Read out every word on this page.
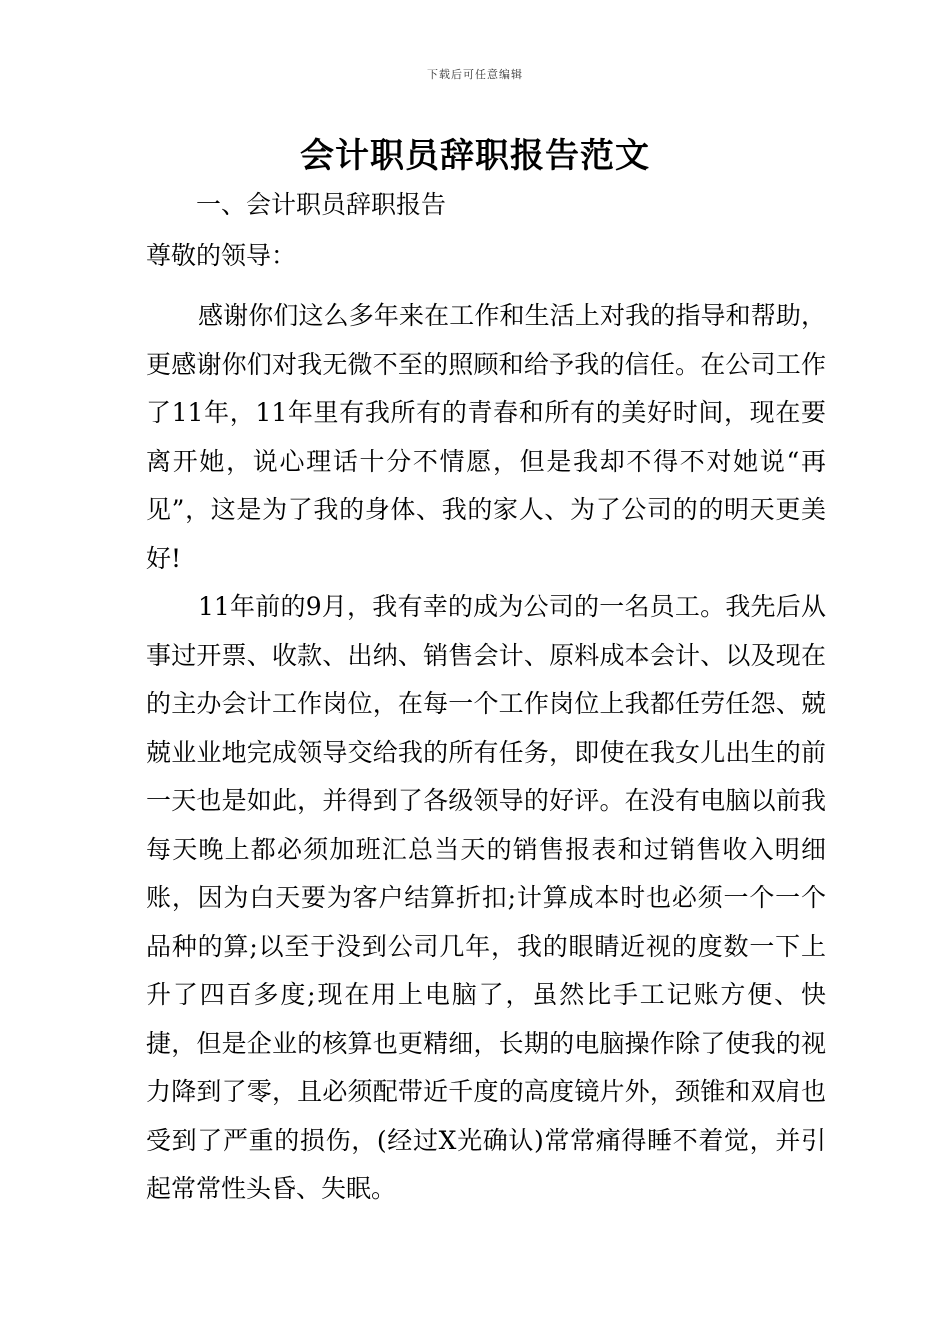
下载后可任意编辑
会计职员辞职报告范文
一、会计职员辞职报告

尊敬的领导：

感谢你们这么多年来在工作和生活上对我的指导和帮助，更感谢你们对我无微不至的照顾和给予我的信任。在公司工作了11年，11年里有我所有的青春和所有的美好时间，现在要离开她，说心理话十分不情愿，但是我却不得不对她说“再见”，这是为了我的身体、我的家人、为了公司的的明天更美好!

11年前的9月，我有幸的成为公司的一名员工。我先后从事过开票、收款、出纳、销售会计、原料成本会计、以及现在的主办会计工作岗位，在每一个工作岗位上我都任劳任怨、兢兢业业地完成领导交给我的所有任务，即使在我女儿出生的前一天也是如此，并得到了各级领导的好评。在没有电脑以前我每天晚上都必须加班汇总当天的销售报表和过销售收入明细账，因为白天要为客户结算折扣;计算成本时也必须一个一个品种的算;以至于没到公司几年，我的眼睛近视的度数一下上升了四百多度;现在用上电脑了，虽然比手工记账方便、快捷，但是企业的核算也更精细，长期的电脑操作除了使我的视力降到了零，且必须配带近千度的高度镜片外，颈锥和双肩也受到了严重的损伤，(经过X光确认)常常痛得睡不着觉，并引起常常性头昏、失眠。
